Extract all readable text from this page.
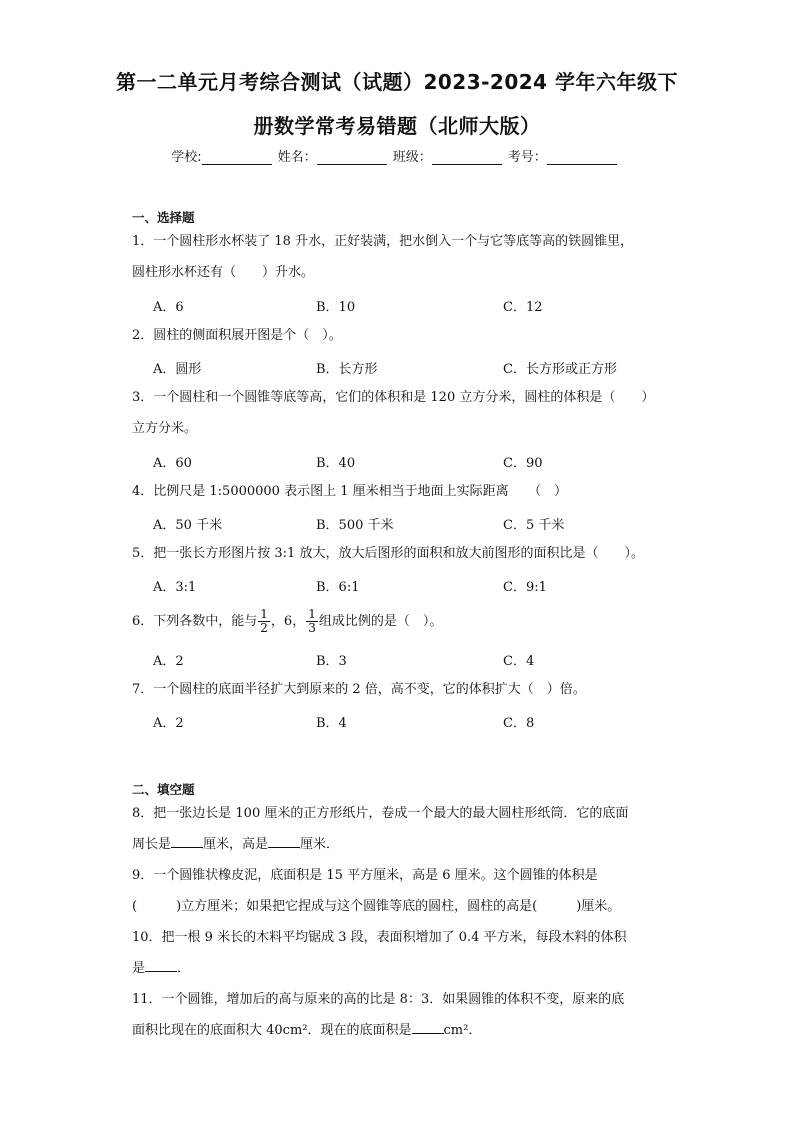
第一二单元月考综合测试（试题）2023-2024 学年六年级下
册数学常考易错题（北师大版）
学校:	姓名：	班级：	考号：
一、选择题
1．一个圆柱形水杯装了 18 升水，正好装满，把水倒入一个与它等底等高的铁圆锥里，
圆柱形水杯还有（　　）升水。
A．6	B．10	C．12
2．圆柱的侧面积展开图是个（　）。
A．圆形	B．长方形	C．长方形或正方形
3．一个圆柱和一个圆锥等底等高，它们的体积和是 120 立方分米，圆柱的体积是（　　）
立方分米。
A．60	B．40	C．90
4．比例尺是 1:5000000 表示图上 1 厘米相当于地面上实际距离　　（　）
A．50 千米	B．500 千米	C．5 千米
5．把一张长方形图片按 3:1 放大，放大后图形的面积和放大前图形的面积比是（　　）。
A．3:1	B．6:1	C．9:1
6．下列各数中，能与 $\frac{1}{2}$ ，6， $\frac{1}{3}$ 组成比例的是（　）。
A．2	B．3	C．4
7．一个圆柱的底面半径扩大到原来的 2 倍，高不变，它的体积扩大（　）倍。
A．2	B．4	C．8
二、填空题
8．把一张边长是 100 厘米的正方形纸片，卷成一个最大的最大圆柱形纸筒．它的底面
周长是 厘米，高是 厘米．
9．一个圆锥状橡皮泥，底面积是 15 平方厘米，高是 6 厘米。这个圆锥的体积是
(　　　)立方厘米；如果把它捏成与这个圆锥等底的圆柱，圆柱的高是(　　　)厘米。
10．把一根 9 米长的木料平均锯成 3 段，表面积增加了 0.4 平方米，每段木料的体积
是 ．
11．一个圆锥，增加后的高与原来的高的比是 8：3．如果圆锥的体积不变，原来的底
面积比现在的底面积大 40cm²．现在的底面积是 cm²．
